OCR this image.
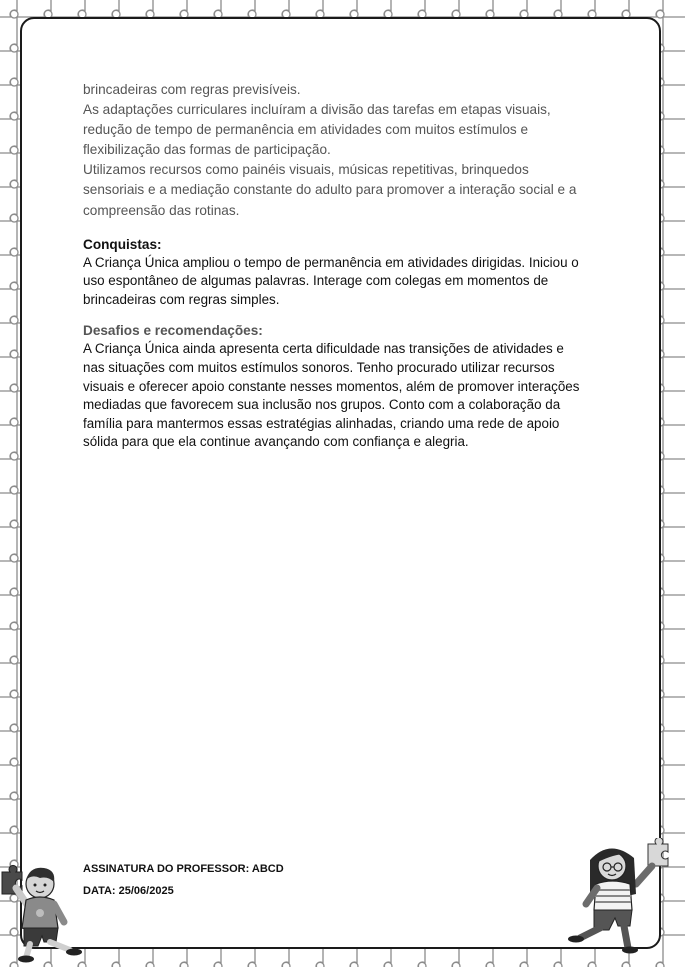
brincadeiras com regras previsíveis.

As adaptações curriculares incluíram a divisão das tarefas em etapas visuais,

redução de tempo de permanência em atividades com muitos estímulos e

flexibilização das formas de participação.

Utilizamos recursos como painéis visuais, músicas repetitivas, brinquedos

sensoriais e a mediação constante do adulto para promover a interação social e a

compreensão das rotinas.

Conquistas:

A Criança Única ampliou o tempo de permanência em atividades dirigidas. Iniciou o

uso espontâneo de algumas palavras. Interage com colegas em momentos de

brincadeiras com regras simples.

Desafios e recomendações:

A Criança Única ainda apresenta certa dificuldade nas transições de atividades e

nas situações com muitos estímulos sonoros. Tenho procurado utilizar recursos

visuais e oferecer apoio constante nesses momentos, além de promover interações

mediadas que favorecem sua inclusão nos grupos. Conto com a colaboração da

família para mantermos essas estratégias alinhadas, criando uma rede de apoio

sólida para que ela continue avançando com confiança e alegria.

ASSINATURA DO PROFESSOR: ABCD
DATA: 25/06/2025
